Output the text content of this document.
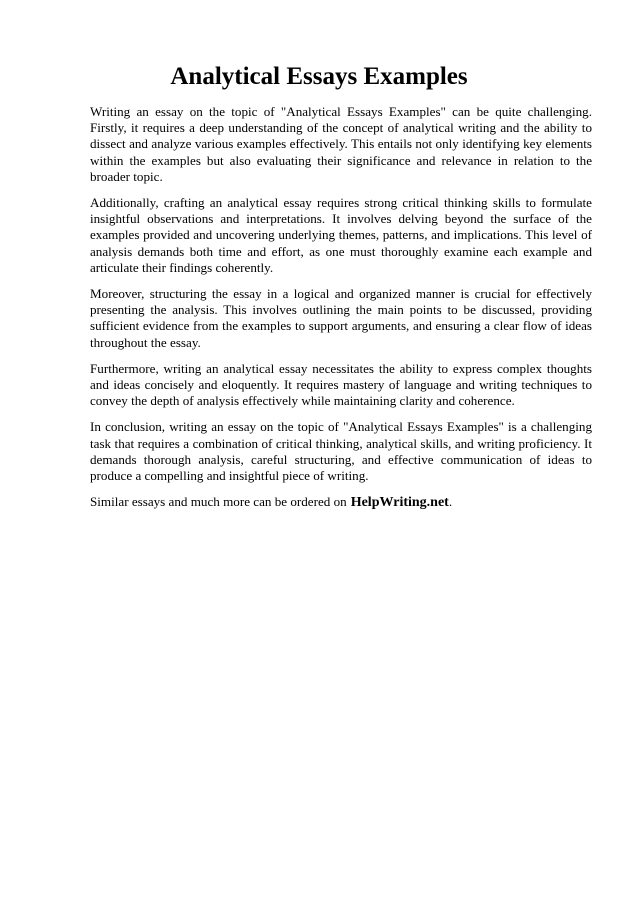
Analytical Essays Examples

Writing an essay on the topic of "Analytical Essays Examples" can be quite challenging. Firstly, it requires a deep understanding of the concept of analytical writing and the ability to dissect and analyze various examples effectively. This entails not only identifying key elements within the examples but also evaluating their significance and relevance in relation to the broader topic.

Additionally, crafting an analytical essay requires strong critical thinking skills to formulate insightful observations and interpretations. It involves delving beyond the surface of the examples provided and uncovering underlying themes, patterns, and implications. This level of analysis demands both time and effort, as one must thoroughly examine each example and articulate their findings coherently.

Moreover, structuring the essay in a logical and organized manner is crucial for effectively presenting the analysis. This involves outlining the main points to be discussed, providing sufficient evidence from the examples to support arguments, and ensuring a clear flow of ideas throughout the essay.

Furthermore, writing an analytical essay necessitates the ability to express complex thoughts and ideas concisely and eloquently. It requires mastery of language and writing techniques to convey the depth of analysis effectively while maintaining clarity and coherence.

In conclusion, writing an essay on the topic of "Analytical Essays Examples" is a challenging task that requires a combination of critical thinking, analytical skills, and writing proficiency. It demands thorough analysis, careful structuring, and effective communication of ideas to produce a compelling and insightful piece of writing.

Similar essays and much more can be ordered on HelpWriting.net.
